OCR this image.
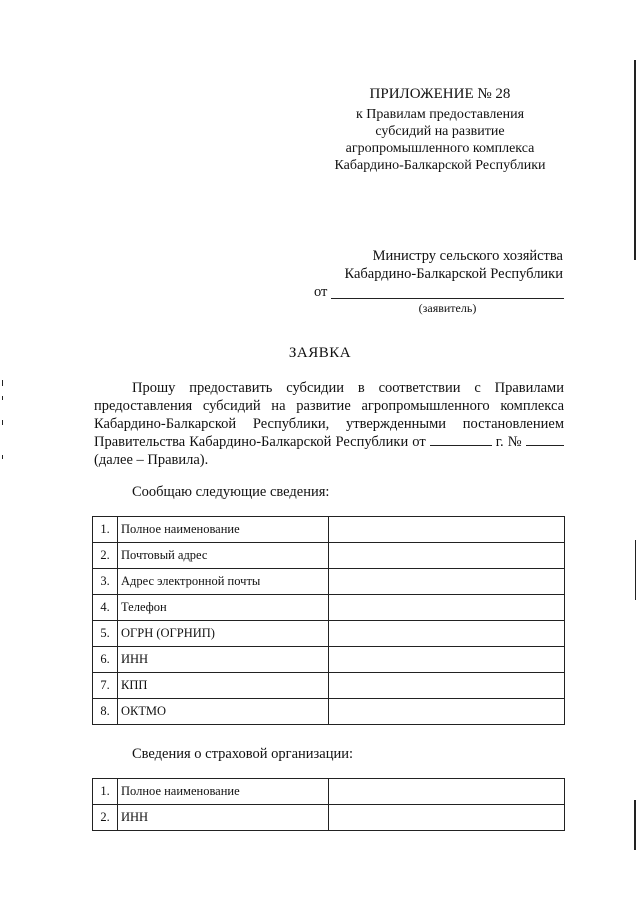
ПРИЛОЖЕНИЕ № 28
к Правилам предоставления
субсидий на развитие
агропромышленного комплекса
Кабардино-Балкарской Республики
Министру сельского хозяйства
Кабардино-Балкарской Республики
от
(заявитель)
ЗАЯВКА
Прошу предоставить субсидии в соответствии с Правилами предоставления субсидий на развитие агропромышленного комплекса Кабардино-Балкарской Республики, утвержденными постановлением Правительства Кабардино-Балкарской Республики от	г. №  (далее – Правила).
Сообщаю следующие сведения:
1.	Полное наименование	
2.	Почтовый адрес	
3.	Адрес электронной почты	
4.	Телефон	
5.	ОГРН (ОГРНИП)	
6.	ИНН	
7.	КПП	
8.	ОКТМО	
Сведения о страховой организации:
1.	Полное наименование	
2.	ИНН	
